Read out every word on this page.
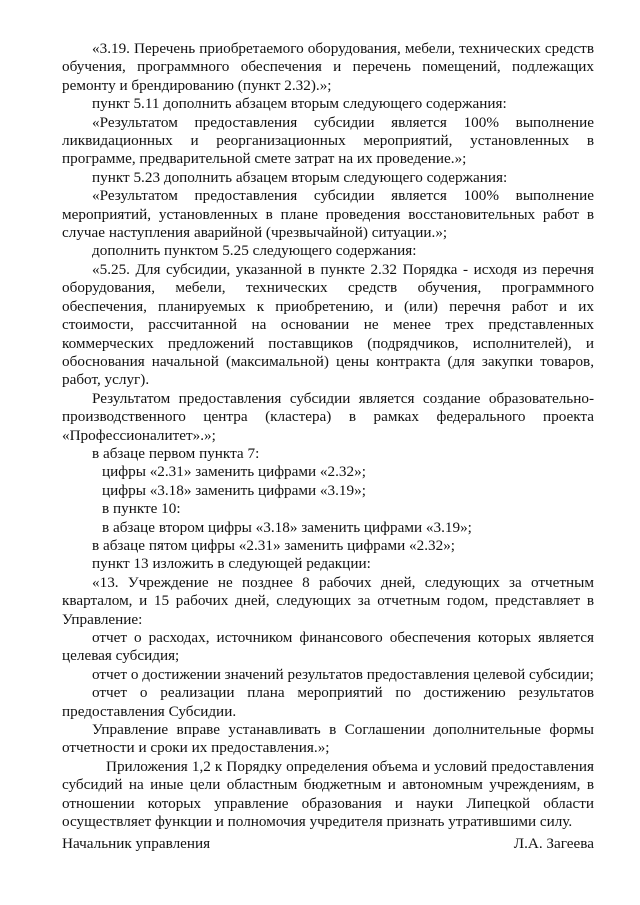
«3.19. Перечень приобретаемого оборудования, мебели, технических средств обучения, программного обеспечения и перечень помещений, подлежащих ремонту и брендированию (пункт 2.32).»;

пункт 5.11 дополнить абзацем вторым следующего содержания:

«Результатом предоставления субсидии является 100% выполнение ликвидационных и реорганизационных мероприятий, установленных в программе, предварительной смете затрат на их проведение.»;

пункт 5.23 дополнить абзацем вторым следующего содержания:

«Результатом предоставления субсидии является 100% выполнение мероприятий, установленных в плане проведения восстановительных работ в случае наступления аварийной (чрезвычайной) ситуации.»;

дополнить пунктом 5.25 следующего содержания:

«5.25. Для субсидии, указанной в пункте 2.32 Порядка - исходя из перечня оборудования, мебели, технических средств обучения, программного обеспечения, планируемых к приобретению, и (или) перечня работ и их стоимости, рассчитанной на основании не менее трех представленных коммерческих предложений поставщиков (подрядчиков, исполнителей), и обоснования начальной (максимальной) цены контракта (для закупки товаров, работ, услуг).

Результатом предоставления субсидии является создание образовательно-производственного центра (кластера) в рамках федерального проекта «Профессионалитет».»;

в абзаце первом пункта 7:

цифры «2.31» заменить цифрами «2.32»;

цифры «3.18» заменить цифрами «3.19»;

в пункте 10:

в абзаце втором цифры «3.18» заменить цифрами «3.19»;

в абзаце пятом цифры «2.31» заменить цифрами «2.32»;

пункт 13 изложить в следующей редакции:

«13. Учреждение не позднее 8 рабочих дней, следующих за отчетным кварталом, и 15 рабочих дней, следующих за отчетным годом, представляет в Управление:

отчет о расходах, источником финансового обеспечения которых является целевая субсидия;

отчет о достижении значений результатов предоставления целевой субсидии;

отчет о реализации плана мероприятий по достижению результатов предоставления Субсидии.

Управление вправе устанавливать в Соглашении дополнительные формы отчетности и сроки их предоставления.»;

Приложения 1,2 к Порядку определения объема и условий предоставления субсидий на иные цели областным бюджетным и автономным учреждениям, в отношении которых управление образования и науки Липецкой области осуществляет функции и полномочия учредителя признать утратившими силу.

Начальник управления	Л.А. Загеева
